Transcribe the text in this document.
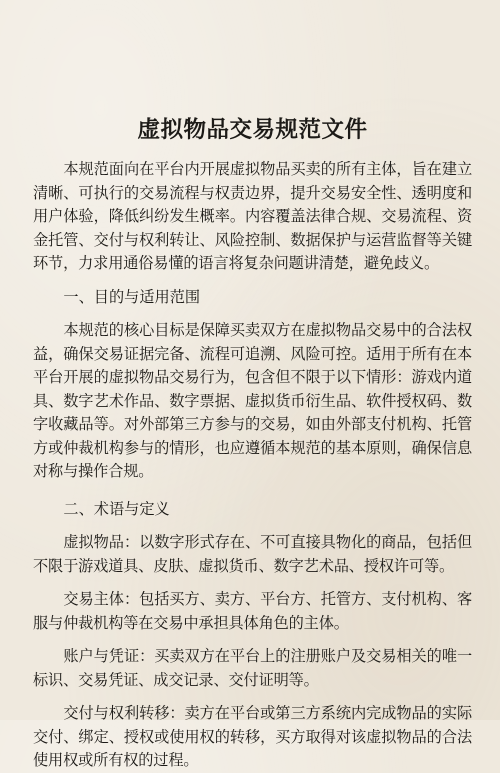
虚拟物品交易规范文件

本规范面向在平台内开展虚拟物品买卖的所有主体，旨在建立清晰、可执行的交易流程与权责边界，提升交易安全性、透明度和用户体验，降低纠纷发生概率。内容覆盖法律合规、交易流程、资金托管、交付与权利转让、风险控制、数据保护与运营监督等关键环节，力求用通俗易懂的语言将复杂问题讲清楚，避免歧义。

一、目的与适用范围

本规范的核心目标是保障买卖双方在虚拟物品交易中的合法权益，确保交易证据完备、流程可追溯、风险可控。适用于所有在本平台开展的虚拟物品交易行为，包含但不限于以下情形：游戏内道具、数字艺术作品、数字票据、虚拟货币衍生品、软件授权码、数字收藏品等。对外部第三方参与的交易，如由外部支付机构、托管方或仲裁机构参与的情形，也应遵循本规范的基本原则，确保信息对称与操作合规。

二、术语与定义

虚拟物品：以数字形式存在、不可直接具物化的商品，包括但不限于游戏道具、皮肤、虚拟货币、数字艺术品、授权许可等。

交易主体：包括买方、卖方、平台方、托管方、支付机构、客服与仲裁机构等在交易中承担具体角色的主体。

账户与凭证：买卖双方在平台上的注册账户及交易相关的唯一标识、交易凭证、成交记录、交付证明等。

交付与权利转移：卖方在平台或第三方系统内完成物品的实际交付、绑定、授权或使用权的转移，买方取得对该虚拟物品的合法使用权或所有权的过程。
